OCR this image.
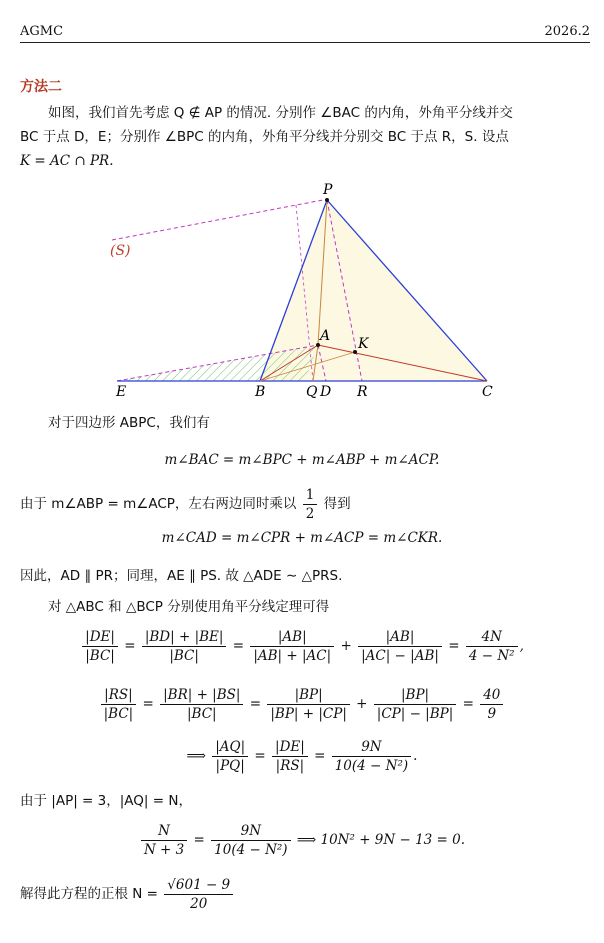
AGMC	2026.2
方法二
如图，我们首先考虑 Q ∉ AP 的情况. 分别作 ∠BAC 的内角，外角平分线并交
BC 于点 D，E；分别作 ∠BPC 的内角，外角平分线并分别交 BC 于点 R，S. 设点
K = AC ∩ PR.
P
A K
E	B	Q D R	C
(S)
对于四边形 ABPC，我们有
m∠BAC = m∠BPC + m∠ABP + m∠ACP.
由于 m∠ABP = m∠ACP，左右两边同时乘以 $\frac{1}{2}$ 得到
m∠CAD = m∠CPR + m∠ACP = m∠CKR.
因此，AD ∥ PR；同理，AE ∥ PS. 故 △ADE ∼ △PRS.
对 △ABC 和 △BCP 分别使用角平分线定理可得
$\frac{|DE|}{|BC|} = \frac{|BD| + |BE|}{|BC|} = \frac{|AB|}{|AB| + |AC|} + \frac{|AB|}{|AC| - |AB|} = \frac{4N}{\text{4 − N²}}$ ,
$\frac{|RS|}{|BC|} = \frac{|BR| + |BS|}{|BC|} = \frac{|BP|}{|BP| + |CP|} + \frac{|BP|}{|CP| - |BP|} = \frac{40}{9}$
⟹ $\frac{|AQ|}{|PQ|} = \frac{|DE|}{|RS|} = \frac{9N}{\text{10(4 − N²)}}$ .
由于 |AP| = 3，|AQ| = N，
$\frac{N}{N + 3} = \frac{9N}{\text{10(4 − N²)}}$ ⟹ 10N² + 9N − 13 = 0.
解得此方程的正根 $N = \frac{√601 - 9}{20}$
